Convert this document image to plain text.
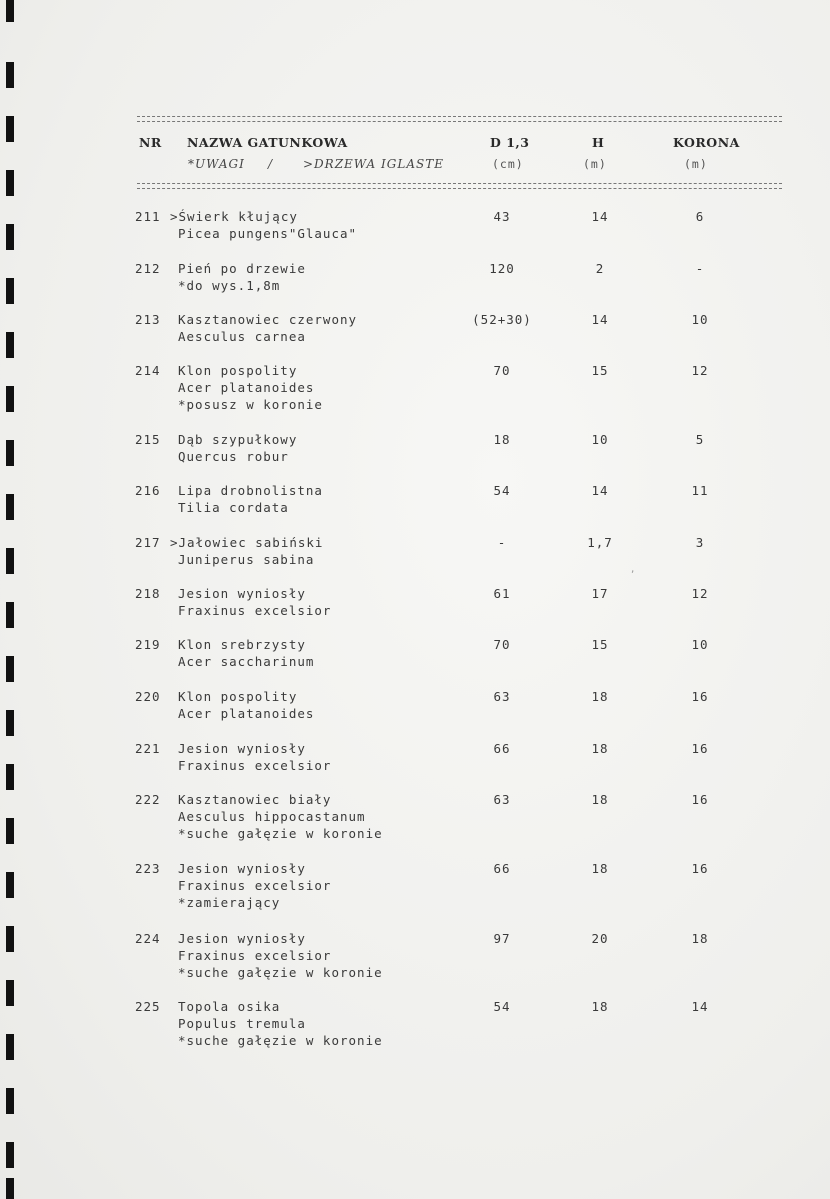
NR NAZWA GATUNKOWA	D 1,3	H	KORONA
*UWAGI / >DRZEWA IGLASTE	(cm)	(m)	(m)
211 >Świerk kłujący
Picea pungens"Glauca"
43	14	6
212 Pień po drzewie
*do wys.1,8m
120	2	-
213 Kasztanowiec czerwony
Aesculus carnea
(52+30)	14	10
214 Klon pospolity
Acer platanoides
*posusz w koronie
70	15	12
215 Dąb szypułkowy
Quercus robur
18	10	5
216 Lipa drobnolistna
Tilia cordata
54	14	11
217 >Jałowiec sabiński
Juniperus sabina
-	1,7	3
218 Jesion wyniosły
Fraxinus excelsior
61	17	12
219 Klon srebrzysty
Acer saccharinum
70	15	10
220 Klon pospolity
Acer platanoides
63	18	16
221 Jesion wyniosły
Fraxinus excelsior
66	18	16
222 Kasztanowiec biały
Aesculus hippocastanum
*suche gałęzie w koronie
63	18	16
223 Jesion wyniosły
Fraxinus excelsior
*zamierający
66	18	16
224 Jesion wyniosły
Fraxinus excelsior
*suche gałęzie w koronie
97	20	18
225 Topola osika
Populus tremula
*suche gałęzie w koronie
54	18	14
,
